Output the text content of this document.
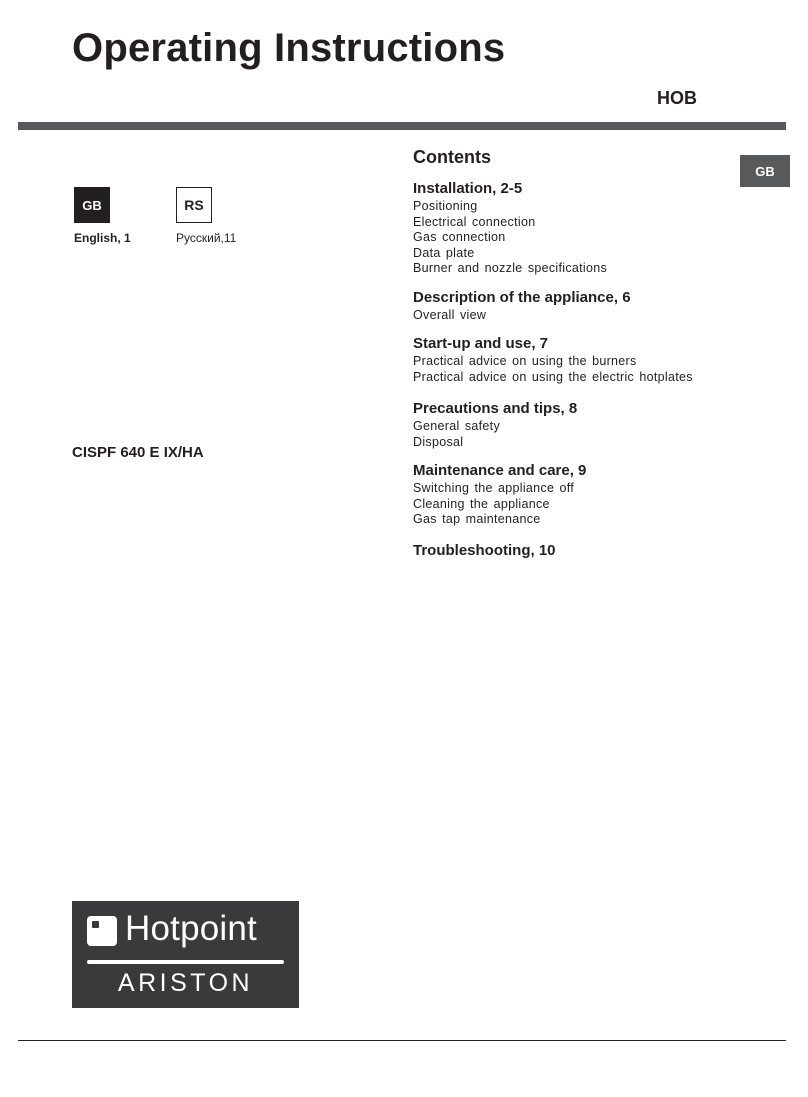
Operating Instructions
HOB
GB	RS
English, 1	Русский,11
CISPF 640 E IX/HA
GB
Contents
Installation, 2-5
Positioning
Electrical connection
Gas connection
Data plate
Burner and nozzle specifications
Description of the appliance, 6
Overall view
Start-up and use, 7
Practical advice on using the burners
Practical advice on using the electric hotplates
Precautions and tips, 8
General safety
Disposal
Maintenance and care, 9
Switching the appliance off
Cleaning the appliance
Gas tap maintenance
Troubleshooting, 10
Hotpoint
ARISTON
